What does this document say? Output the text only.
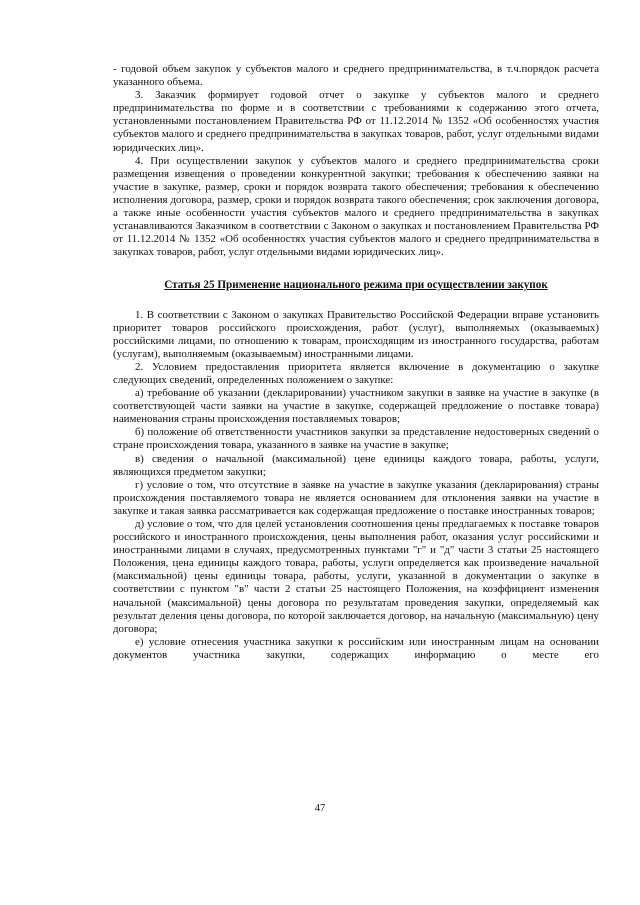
- годовой объем закупок у субъектов малого и среднего предпринимательства, в т.ч.порядок расчета указанного объема.

3. Заказчик формирует годовой отчет о закупке у субъектов малого и среднего предпринимательства по форме и в соответствии с требованиями к содержанию этого отчета, установленными постановлением Правительства РФ от 11.12.2014 № 1352 «Об особенностях участия субъектов малого и среднего предпринимательства в закупках товаров, работ, услуг отдельными видами юридических лиц».

4. При осуществлении закупок у субъектов малого и среднего предпринимательства сроки размещения извещения о проведении конкурентной закупки; требования к обеспечению заявки на участие в закупке, размер, сроки и порядок возврата такого обеспечения; требования к обеспечению исполнения договора, размер, сроки и порядок возврата такого обеспечения; срок заключения договора, а также иные особенности участия субъектов малого и среднего предпринимательства в закупках устанавливаются Заказчиком в соответствии с Законом о закупках и постановлением Правительства РФ от 11.12.2014 № 1352 «Об особенностях участия субъектов малого и среднего предпринимательства в закупках товаров, работ, услуг отдельными видами юридических лиц».

Статья 25 Применение национального режима при осуществлении закупок

1. В соответствии с Законом о закупках Правительство Российской Федерации вправе установить приоритет товаров российского происхождения, работ (услуг), выполняемых (оказываемых) российскими лицами, по отношению к товарам, происходящим из иностранного государства, работам (услугам), выполняемым (оказываемым) иностранными лицами.

2. Условием предоставления приоритета является включение в документацию о закупке следующих сведений, определенных положением о закупке:

а) требование об указании (декларировании) участником закупки в заявке на участие в закупке (в соответствующей части заявки на участие в закупке, содержащей предложение о поставке товара) наименования страны происхождения поставляемых товаров;

б) положение об ответственности участников закупки за представление недостоверных сведений о стране происхождения товара, указанного в заявке на участие в закупке;

в) сведения о начальной (максимальной) цене единицы каждого товара, работы, услуги, являющихся предметом закупки;

г) условие о том, что отсутствие в заявке на участие в закупке указания (декларирования) страны происхождения поставляемого товара не является основанием для отклонения заявки на участие в закупке и такая заявка рассматривается как содержащая предложение о поставке иностранных товаров;

д) условие о том, что для целей установления соотношения цены предлагаемых к поставке товаров российского и иностранного происхождения, цены выполнения работ, оказания услуг российскими и иностранными лицами в случаях, предусмотренных пунктами "г" и "д" части 3 статьи 25 настоящего Положения, цена единицы каждого товара, работы, услуги определяется как произведение начальной (максимальной) цены единицы товара, работы, услуги, указанной в документации о закупке в соответствии с пунктом "в" части 2 статьи 25 настоящего Положения, на коэффициент изменения начальной (максимальной) цены договора по результатам проведения закупки, определяемый как результат деления цены договора, по которой заключается договор, на начальную (максимальную) цену договора;

е) условие отнесения участника закупки к российским или иностранным лицам на основании документов участника закупки, содержащих информацию о месте его

47
